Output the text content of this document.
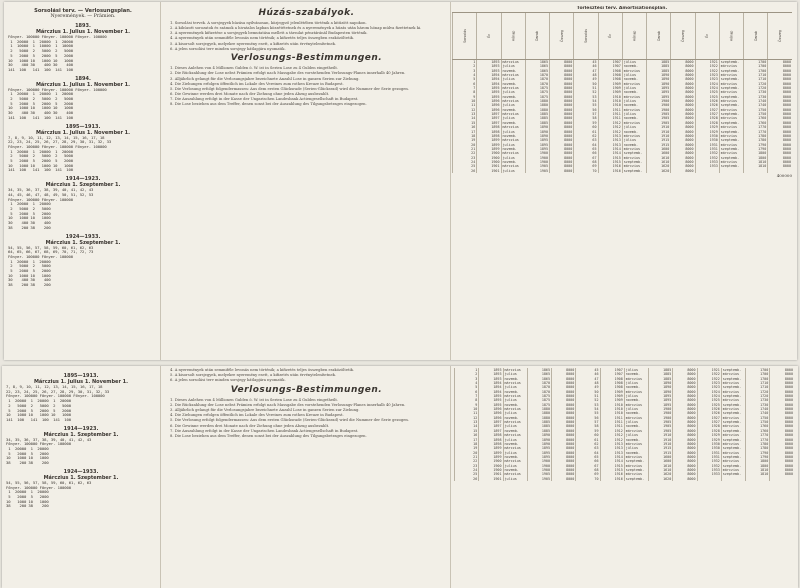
Sorsolási terv. — Verlosungsplan.
Nyeremények. — Prämien.
1893.
Márczius 1. Julius 1. November 1.
Főnyer. 100000 Főnyer. 100000 Főnyer. 100000
1  20000  1  20000  1  20000
1  10000  1  10000  1  10000
2   5000  2   5000  2   5000
5   2000  5   2000  5   2000
10   1000 10   1000 10   1000
30    400 30    400 30    400
141  100   141  100  141  100
1894.
Márczius 1. Julius 1. November 1.
Főnyer. 100000 Főnyer. 100000 Főnyer. 100000
1  20000  1  20000  1  20000
2   5000  2   5000  2   5000
5   2000  5   2000  5   2000
10   1000 10   1000 10   1000
30    400 30    400 30    400
141  100   141  100  141  100
1895—1913.
Márczius 1. Julius 1. November 1.
7, 8, 9, 10, 11, 12, 13, 14, 15, 16, 17, 18
22, 23, 24, 25, 26, 27, 28, 29, 30, 31, 32, 33
Főnyer. 100000 Főnyer. 100000 Főnyer. 100000
1  20000  1  20000  1  20000
2   5000  2   5000  2   5000
5   2000  5   2000  5   2000
10   1000 10   1000 10   1000
141  100   141  100  141  100
1914—1923.
Márczius 1. Szeptember 1.
34, 35, 36, 37, 38, 39, 40, 41, 42, 43
44, 45, 46, 47, 48, 49, 50, 51, 52, 53
Főnyer. 100000 Főnyer. 100000
1  20000  1  20000
2   5000  2   5000
5   2000  5   2000
10   1000 10   1000
30    400 30    400
38    200 38    200
1924—1933.
Márczius 1. Szeptember 1.
54, 55, 56, 57, 58, 59, 60, 61, 62, 63
64, 65, 66, 67, 68, 69, 70, 71, 72, 73
Főnyer. 100000 Főnyer. 100000
1  20000  1  20000
2   5000  2   5000
5   2000  5   2000
10   1000 10   1000
30    400 30    400
38    200 38    200
Húzás-szabályok.

1. Sorsolási tervek. A sorsjegyek húzása nyilvánosan, közjegyző jelenlétében történik a kitűzött napokon.

2. A kihúzott sorozatok és számok a hivatalos lapban közzététetnek és a nyeremények a húzás után három hónap múlva fizettetnek ki.

3. A nyeremények kifizetése a sorsjegyek bemutatása mellett a társulat pénztáránál Budapesten történik.

4. A nyeremények után semmiféle levonás nem történik; a kifizetés teljes összegben eszközöltetik.

5. A kisorsolt sorsjegyek, melyekre nyeremény esett, a kifizetés után érvénytelenítetnek.

6. A jelen sorsolási terv minden sorsjegy hátlapjára nyomatik.

Verlosungs-Bestimmungen.

1. Dieses Anlehen von 4 Millionen Gulden ö. W. ist in Serien Lose zu 4 Gulden eingetheilt.

2. Die Rückzahlung der Lose nebst Prämien erfolgt nach Massgabe des vorstehenden Verlosungs-Planes innerhalb 40 Jahren.

3. Alljährlich gelangt für die Verlosungsjahre bezeichnete Anzahl Lose in ganzen Serien zur Ziehung.

4. Die Ziehungen erfolgen öffentlich im Lokale des Vereines zum rothen Kreuze in Budapest.

5. Die Verlosung erfolgt folgendermassen: Aus dem ersten Glücksrade (Serien-Glücksrad) wird die Nummer der Serie gezogen.

6. Die Gewinne werden drei Monate nach der Ziehung ohne jeden Abzug ausbezahlt.

7. Die Auszahlung erfolgt in der Kasse der Ungarischen Landesbank Actiengesellschaft in Budapest.

8. Die Lose beziehen aus dem Treffer, denen sonst bei der Auszahlung des Tilgungsbetrages eingezogen.

Törlesztési terv. Amortisationsplan.
Sorsolás	Év	Hónap	Darab	Összeg	Sorsolás	Év	Hónap	Darab	Összeg	Év	Hónap	Darab	Összeg
1	1893	márczius	1865	8000	45	1907	július	1885	8000	1921	szeptemb.	1700	8000
2	1893	julius	1865	8000	46	1907	novemb.	1885	8000	1922	márczius	1700	8000
3	1893	novemb.	1865	8000	47	1908	márczius	1885	8000	1922	szeptemb.	1700	8000
4	1894	márczius	1870	8000	48	1908	július	1890	8000	1923	márczius	1710	8000
5	1894	julius	1870	8000	49	1908	novemb.	1890	8000	1923	szeptemb.	1710	8000
6	1894	novemb.	1870	8000	50	1909	márczius	1890	8000	1924	márczius	1720	8000
7	1895	márczius	1875	8000	51	1909	július	1895	8000	1924	szeptemb.	1720	8000
8	1895	julius	1875	8000	52	1909	novemb.	1895	8000	1925	márczius	1730	8000
9	1895	novemb.	1875	8000	53	1910	márczius	1895	8000	1925	szeptemb.	1730	8000
10	1896	márczius	1880	8000	54	1910	július	1900	8000	1926	márczius	1740	8000
11	1896	julius	1880	8000	55	1910	novemb.	1900	8000	1926	szeptemb.	1740	8000
12	1896	novemb.	1880	8000	56	1911	márczius	1900	8000	1927	márczius	1750	8000
13	1897	márczius	1885	8000	57	1911	július	1905	8000	1927	szeptemb.	1750	8000
14	1897	julius	1885	8000	58	1911	novemb.	1905	8000	1928	márczius	1760	8000
15	1897	novemb.	1885	8000	59	1912	márczius	1905	8000	1928	szeptemb.	1760	8000
16	1898	márczius	1890	8000	60	1912	július	1910	8000	1929	márczius	1770	8000
17	1898	julius	1890	8000	61	1912	novemb.	1910	8000	1929	szeptemb.	1770	8000
18	1898	novemb.	1890	8000	62	1913	márczius	1910	8000	1930	márczius	1780	8000
19	1899	márczius	1895	8000	63	1913	július	1915	8000	1930	szeptemb.	1780	8000
20	1899	julius	1895	8000	64	1913	novemb.	1915	8000	1931	márczius	1790	8000
21	1899	novemb.	1895	8000	65	1914	márczius	1600	8000	1931	szeptemb.	1790	8000
22	1900	márczius	1900	8000	66	1914	szeptemb.	1600	8000	1932	márczius	1800	8000
23	1900	julius	1900	8000	67	1915	márczius	1610	8000	1932	szeptemb.	1800	8000
24	1900	novemb.	1900	8000	68	1915	szeptemb.	1610	8000	1933	márczius	1810	8000
25	1901	márczius	1905	8000	69	1916	márczius	1620	8000	1933	szeptemb.	1810	8000
26	1901	julius	1905	8000	70	1916	szeptemb.	1620	8000				
400000
1895—1913.
Márczius 1. Julius 1. November 1.
7, 8, 9, 10, 11, 12, 13, 14, 15, 16, 17, 18
22, 23, 24, 25, 26, 27, 28, 29, 30, 31, 32, 33
Főnyer. 100000 Főnyer. 100000 Főnyer. 100000
1  20000  1  20000  1  20000
2   5000  2   5000  2   5000
5   2000  5   2000  5   2000
10   1000 10   1000 10   1000
141  100   141  100  141  100
1914—1923.
Márczius 1. Szeptember 1.
34, 35, 36, 37, 38, 39, 40, 41, 42, 43
Főnyer. 100000 Főnyer. 100000
1  20000  1  20000
5   2000  5   2000
10   1000 10   1000
38    200 38    200
1924—1933.
Márczius 1. Szeptember 1.
54, 55, 56, 57, 58, 59, 60, 61, 62, 63
Főnyer. 100000 Főnyer. 100000
1  20000  1  20000
5   2000  5   2000
10   1000 10   1000
38    200 38    200

4. A nyeremények után semmiféle levonás nem történik; a kifizetés teljes összegben eszközöltetik.

5. A kisorsolt sorsjegyek, melyekre nyeremény esett, a kifizetés után érvénytelenítetnek.

6. A jelen sorsolási terv minden sorsjegy hátlapjára nyomatik.

Verlosungs-Bestimmungen.

1. Dieses Anlehen von 4 Millionen Gulden ö. W. ist in Serien Lose zu 4 Gulden eingetheilt.

2. Die Rückzahlung der Lose nebst Prämien erfolgt nach Massgabe des vorstehenden Verlosungs-Planes innerhalb 40 Jahren.

3. Alljährlich gelangt für die Verlosungsjahre bezeichnete Anzahl Lose in ganzen Serien zur Ziehung.

4. Die Ziehungen erfolgen öffentlich im Lokale des Vereines zum rothen Kreuze in Budapest.

5. Die Verlosung erfolgt folgendermassen: Aus dem ersten Glücksrade (Serien-Glücksrad) wird die Nummer der Serie gezogen.

6. Die Gewinne werden drei Monate nach der Ziehung ohne jeden Abzug ausbezahlt.

7. Die Auszahlung erfolgt in der Kasse der Ungarischen Landesbank Actiengesellschaft in Budapest.

8. Die Lose beziehen aus dem Treffer, denen sonst bei der Auszahlung des Tilgungsbetrages eingezogen.

1	1893	márczius	1865	8000	45	1907	július	1885	8000	1921	szeptemb.	1700	8000
2	1893	julius	1865	8000	46	1907	novemb.	1885	8000	1922	márczius	1700	8000
3	1893	novemb.	1865	8000	47	1908	márczius	1885	8000	1922	szeptemb.	1700	8000
4	1894	márczius	1870	8000	48	1908	július	1890	8000	1923	márczius	1710	8000
5	1894	julius	1870	8000	49	1908	novemb.	1890	8000	1923	szeptemb.	1710	8000
6	1894	novemb.	1870	8000	50	1909	márczius	1890	8000	1924	márczius	1720	8000
7	1895	márczius	1875	8000	51	1909	július	1895	8000	1924	szeptemb.	1720	8000
8	1895	julius	1875	8000	52	1909	novemb.	1895	8000	1925	márczius	1730	8000
9	1895	novemb.	1875	8000	53	1910	márczius	1895	8000	1925	szeptemb.	1730	8000
10	1896	márczius	1880	8000	54	1910	július	1900	8000	1926	márczius	1740	8000
11	1896	julius	1880	8000	55	1910	novemb.	1900	8000	1926	szeptemb.	1740	8000
12	1896	novemb.	1880	8000	56	1911	márczius	1900	8000	1927	márczius	1750	8000
13	1897	márczius	1885	8000	57	1911	július	1905	8000	1927	szeptemb.	1750	8000
14	1897	julius	1885	8000	58	1911	novemb.	1905	8000	1928	márczius	1760	8000
15	1897	novemb.	1885	8000	59	1912	márczius	1905	8000	1928	szeptemb.	1760	8000
16	1898	márczius	1890	8000	60	1912	július	1910	8000	1929	márczius	1770	8000
17	1898	julius	1890	8000	61	1912	novemb.	1910	8000	1929	szeptemb.	1770	8000
18	1898	novemb.	1890	8000	62	1913	márczius	1910	8000	1930	márczius	1780	8000
19	1899	márczius	1895	8000	63	1913	július	1915	8000	1930	szeptemb.	1780	8000
20	1899	julius	1895	8000	64	1913	novemb.	1915	8000	1931	márczius	1790	8000
21	1899	novemb.	1895	8000	65	1914	márczius	1600	8000	1931	szeptemb.	1790	8000
22	1900	márczius	1900	8000	66	1914	szeptemb.	1600	8000	1932	márczius	1800	8000
23	1900	julius	1900	8000	67	1915	márczius	1610	8000	1932	szeptemb.	1800	8000
24	1900	novemb.	1900	8000	68	1915	szeptemb.	1610	8000	1933	márczius	1810	8000
25	1901	márczius	1905	8000	69	1916	márczius	1620	8000	1933	szeptemb.	1810	8000
26	1901	julius	1905	8000	70	1916	szeptemb.	1620	8000				
